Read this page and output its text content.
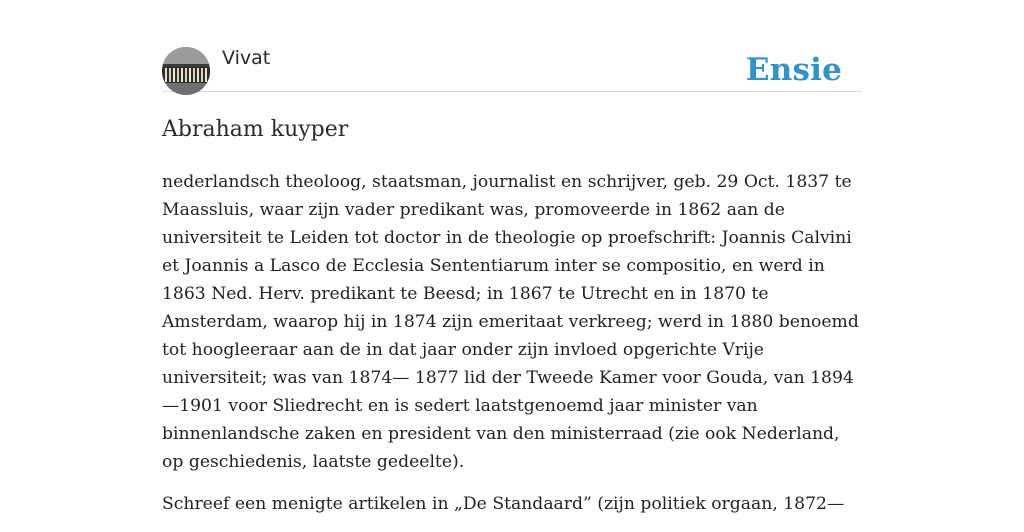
Vivat	Ensie
Abraham kuyper

nederlandsch theoloog, staatsman, journalist en schrijver, geb. 29 Oct. 1837 te Maassluis, waar zijn vader predikant was, promoveerde in 1862 aan de universiteit te Leiden tot doctor in de theologie op proefschrift: Joannis Calvini et Joannis a Lasco de Ecclesia Sententiarum inter se compositio, en werd in 1863 Ned. Herv. predikant te Beesd; in 1867 te Utrecht en in 1870 te Amsterdam, waarop hij in 1874 zijn emeritaat verkreeg; werd in 1880 benoemd tot hoogleeraar aan de in dat jaar onder zijn invloed opgerichte Vrije universiteit; was van 1874— 1877 lid der Tweede Kamer voor Gouda, van 1894—1901 voor Sliedrecht en is sedert laatstgenoemd jaar minister van binnenlandsche zaken en president van den ministerraad (zie ook Nederland, op geschiedenis, laatste gedeelte).

Schreef een menigte artikelen in „De Standaard” (zijn politiek orgaan, 1872—
